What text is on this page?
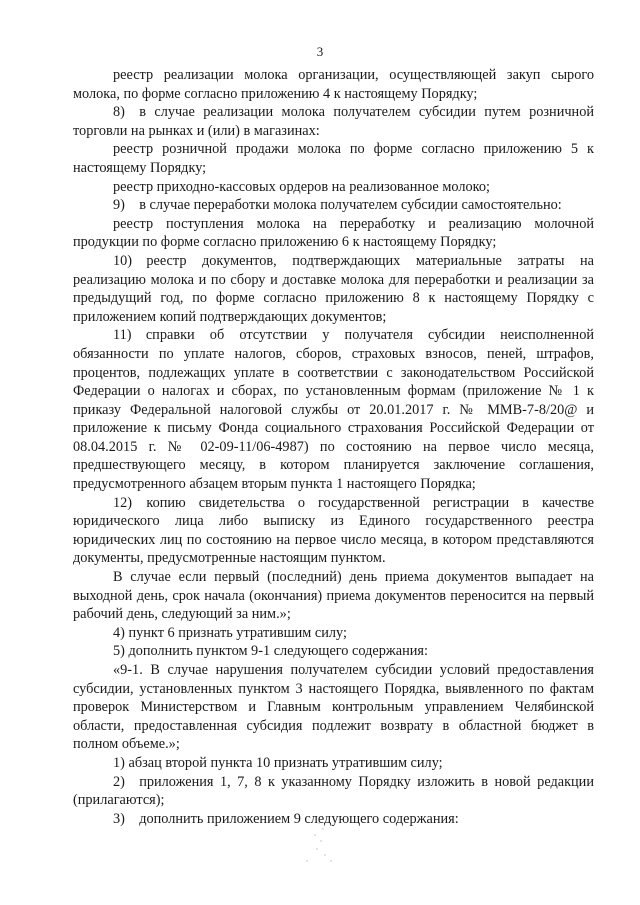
3

реестр реализации молока организации, осуществляющей закуп сырого молока, по форме согласно приложению 4 к настоящему Порядку;

8) в случае реализации молока получателем субсидии путем розничной торговли на рынках и (или) в магазинах:

реестр розничной продажи молока по форме согласно приложению 5 к настоящему Порядку;

реестр приходно-кассовых ордеров на реализованное молоко;

9) в случае переработки молока получателем субсидии самостоятельно:

реестр поступления молока на переработку и реализацию молочной продукции по форме согласно приложению 6 к настоящему Порядку;

10) реестр документов, подтверждающих материальные затраты на реализацию молока и по сбору и доставке молока для переработки и реализации за предыдущий год, по форме согласно приложению 8 к настоящему Порядку с приложением копий подтверждающих документов;

11) справки об отсутствии у получателя субсидии неисполненной обязанности по уплате налогов, сборов, страховых взносов, пеней, штрафов, процентов, подлежащих уплате в соответствии с законодательством Российской Федерации о налогах и сборах, по установленным формам (приложение № 1 к приказу Федеральной налоговой службы от 20.01.2017 г. № ММВ-7-8/20@ и приложение к письму Фонда социального страхования Российской Федерации от 08.04.2015 г. № 02-09-11/06-4987) по состоянию на первое число месяца, предшествующего месяцу, в котором планируется заключение соглашения, предусмотренного абзацем вторым пункта 1 настоящего Порядка;

12) копию свидетельства о государственной регистрации в качестве юридического лица либо выписку из Единого государственного реестра юридических лиц по состоянию на первое число месяца, в котором представляются документы, предусмотренные настоящим пунктом.

В случае если первый (последний) день приема документов выпадает на выходной день, срок начала (окончания) приема документов переносится на первый рабочий день, следующий за ним.»;

4) пункт 6 признать утратившим силу;

5) дополнить пунктом 9-1 следующего содержания:

«9-1. В случае нарушения получателем субсидии условий предоставления субсидии, установленных пунктом 3 настоящего Порядка, выявленного по фактам проверок Министерством и Главным контрольным управлением Челябинской области, предоставленная субсидия подлежит возврату в областной бюджет в полном объеме.»;

1) абзац второй пункта 10 признать утратившим силу;

2) приложения 1, 7, 8 к указанному Порядку изложить в новой редакции (прилагаются);

3) дополнить приложением 9 следующего содержания:
